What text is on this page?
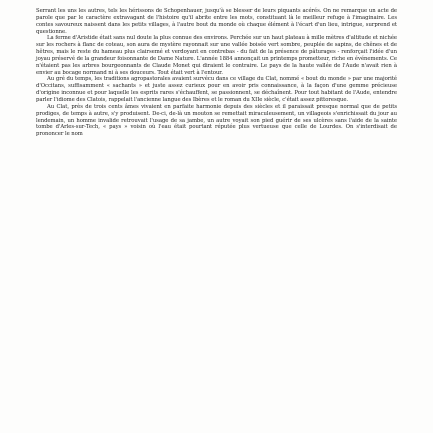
Serrant les uns les autres, tels les hérissons de Schopenhauer, jusqu'à se blesser de leurs piquants acérés. On ne remarque un acte de parole que par le caractère extravagant de l'histoire qu'il abrite entre les mots, constituant là le meilleur refuge à l'imaginaire. Les contes savoureux naissent dans les petits villages, à l'autre bout du monde où chaque élément à l'écart d'un lieu, intrigue, surprend et questionne.

La ferme d'Aristide était sans nul doute la plus connue des environs. Perchée sur un haut plateau à mille mètres d'altitude et nichée sur les rochers à flanc de coteau, son aura de mystère rayonnait sur une vallée boisée vert sombre, peuplée de sapins, de chênes et de hêtres, mais le reste du hameau plus clairsemé et verdoyant en contrebas - du fait de la présence de pâturages - renforçait l'idée d'un joyau préservé de la grandeur foisonnante de Dame Nature. L'année 1884 annonçait un printemps prometteur, riche en événements. Ce n'étaient pas les arbres bourgeonnants de Claude Monet qui diraient le contraire. Le pays de la haute vallée de l'Aude n'avait rien à envier au bocage normand ni à ses douceurs. Tout était vert à l'entour.

Au gré du temps, les traditions agropastorales avaient survécu dans ce village du Clat, nommé « bout du monde » par une majorité d'Occitans, suffisamment « sachants » et juste assez curieux pour en avoir pris connaissance, à la façon d'une gemme précieuse d'origine inconnue et pour laquelle les esprits rares s'échauffent, se passionnent, se déchaînent. Pour tout habitant de l'Aude, entendre parler l'idiome des Clatois, rappelait l'ancienne langue des Ibères et le roman du XIIe siècle, c'était assez pittoresque.

Au Clat, près de trois cents âmes vivaient en parfaite harmonie depuis des siècles et il paraissait presque normal que de petits prodiges, de temps à autre, s'y produisent. De-ci, de-là un mouton se remettait miraculeusement, un villageois s'enrichissait du jour au lendemain, un homme invalide retrouvait l'usage de sa jambe, un autre voyait son pied guérir de ses ulcères sans l'aide de la sainte tombe d'Arles-sur-Tech, « pays » voisin où l'eau était pourtant réputée plus vertueuse que celle de Lourdes. On s'interdisait de prononcer le nom
